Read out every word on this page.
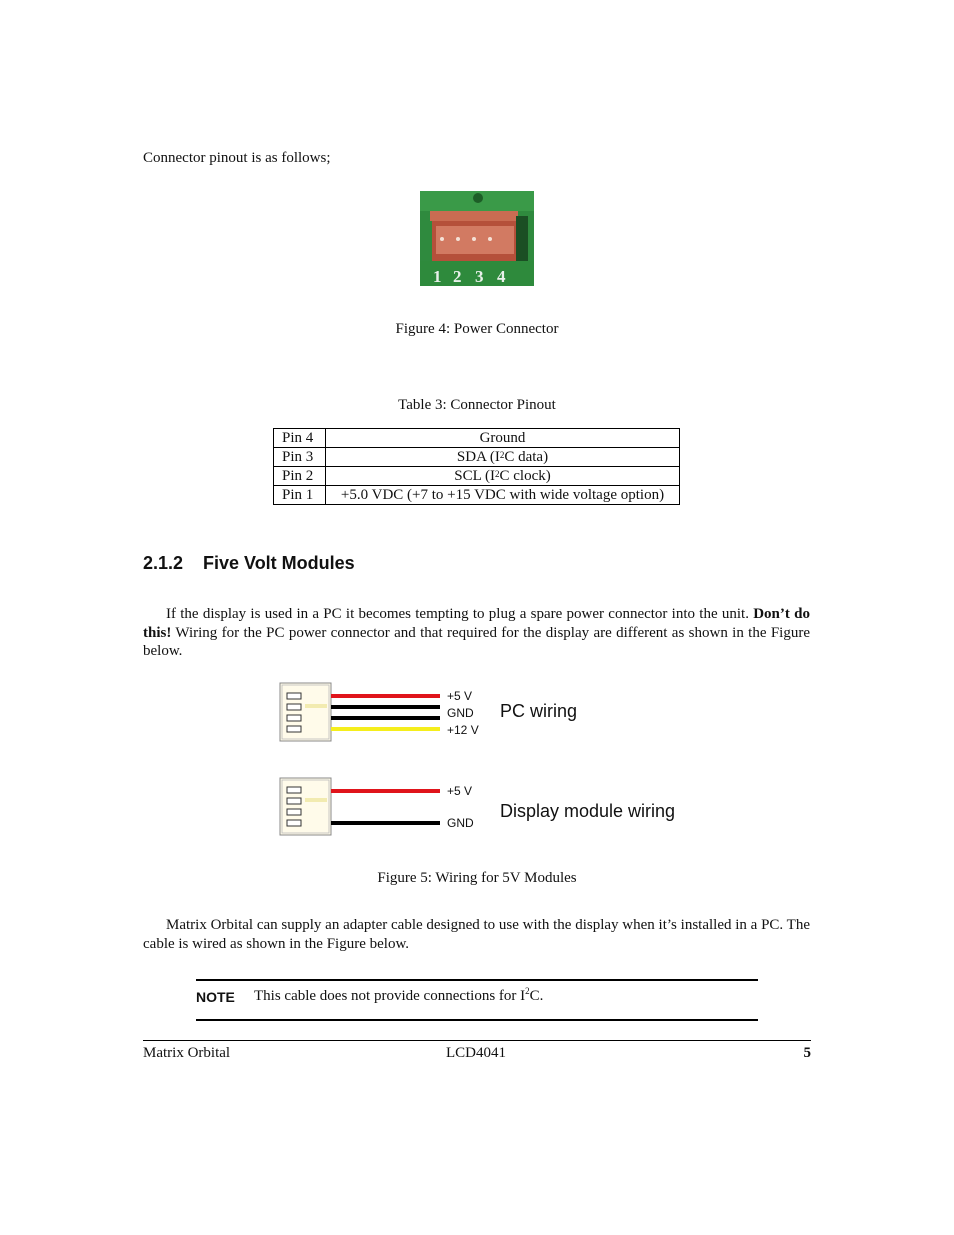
Connector pinout is as follows;
1 2 3 4
Figure 4: Power Connector
Table 3: Connector Pinout
Pin 4	Ground
Pin 3	SDA ($I^2C$ data)
Pin 2	SCL ($I^2C$ clock)
Pin 1	+5.0 VDC (+7 to +15 VDC with wide voltage option)
2.1.2 Five Volt Modules
If the display is used in a PC it becomes tempting to plug a spare power connector into the unit. Don’t do this! Wiring for the PC power connector and that required for the display are different as shown in the Figure below.
+5 V
GND
+12 V
PC wiring
+5 V
GND
Display module wiring
Figure 5: Wiring for 5V Modules
Matrix Orbital can supply an adapter cable designed to use with the display when it’s installed in a PC. The cable is wired as shown in the Figure below.
NOTE This cable does not provide connections for $I^2C$.
Matrix Orbital	LCD4041	5
